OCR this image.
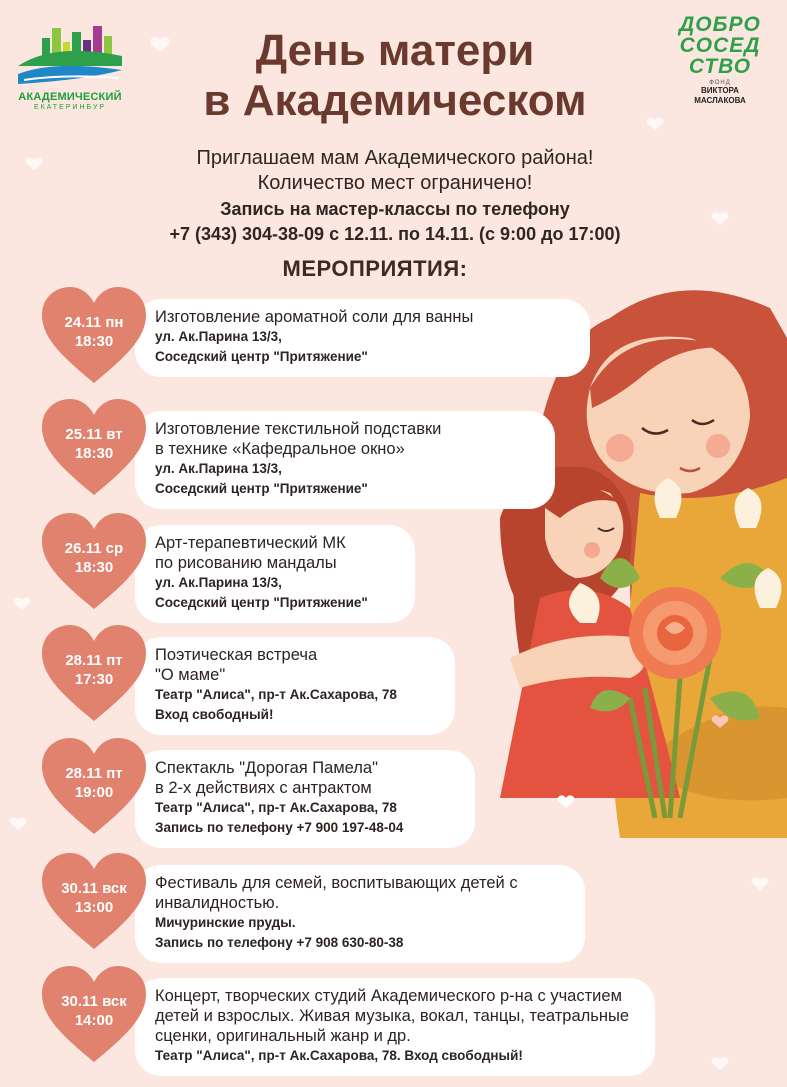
АКАДЕМИЧЕСКИЙ
ЕКАТЕРИНБУР
День матери
в Академическом
ДОБРО
СОСЕД
СТВО
ФОНД
ВИКТОРА
МАСЛАКОВА
Приглашаем мам Академического района!
Количество мест ограничено!
Запись на мастер-классы по телефону
+7 (343) 304-38-09 с 12.11. по 14.11. (с 9:00 до 17:00)
МЕРОПРИЯТИЯ:
Изготовление ароматной соли для ванны
ул. Ак.Парина 13/3,
Соседский центр "Притяжение"
24.11 пн
18:30
Изготовление текстильной подставки
в технике «Кафедральное окно»
ул. Ак.Парина 13/3,
Соседский центр "Притяжение"
25.11 вт
18:30
Арт-терапевтический МК
по рисованию мандалы
ул. Ак.Парина 13/3,
Соседский центр "Притяжение"
26.11 ср
18:30
Поэтическая встреча
"О маме"
Театр "Алиса", пр-т Ак.Сахарова, 78
Вход свободный!
28.11 пт
17:30
Спектакль "Дорогая Памела"
в 2-х действиях с антрактом
Театр "Алиса", пр-т Ак.Сахарова, 78
Запись по телефону +7 900 197-48-04
28.11 пт
19:00
Фестиваль для семей, воспитывающих детей с
инвалидностью.
Мичуринские пруды.
Запись по телефону +7 908 630-80-38
30.11 вск
13:00
Концерт, творческих студий Академического р-на с участием
детей и взрослых. Живая музыка, вокал, танцы, театральные
сценки, оригинальный жанр и др.
Театр "Алиса", пр-т Ак.Сахарова, 78. Вход свободный!
30.11 вск
14:00
